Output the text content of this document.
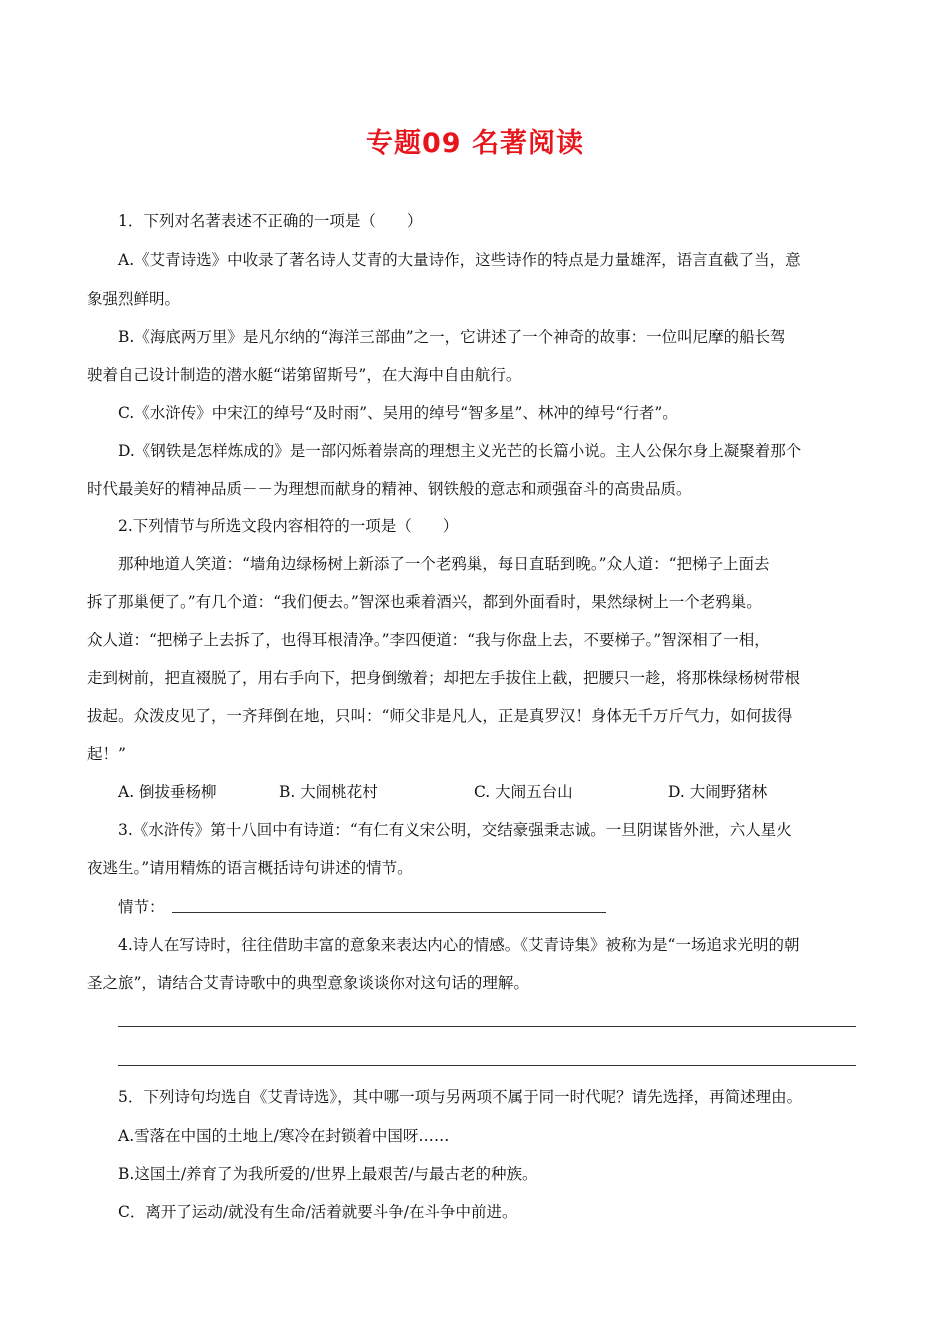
专题09 名著阅读
1．下列对名著表述不正确的一项是（　　）
A.《艾青诗选》中收录了著名诗人艾青的大量诗作，这些诗作的特点是力量雄浑，语言直截了当，意
象强烈鲜明。
B.《海底两万里》是凡尔纳的“海洋三部曲”之一，它讲述了一个神奇的故事：一位叫尼摩的船长驾
驶着自己设计制造的潜水艇“诺第留斯号”，在大海中自由航行。
C.《水浒传》中宋江的绰号“及时雨”、吴用的绰号“智多星”、林冲的绰号“行者”。
D.《钢铁是怎样炼成的》是一部闪烁着崇高的理想主义光芒的长篇小说。主人公保尔身上凝聚着那个
时代最美好的精神品质－－为理想而献身的精神、钢铁般的意志和顽强奋斗的高贵品质。
2.下列情节与所选文段内容相符的一项是（　　）
那种地道人笑道：“墙角边绿杨树上新添了一个老鸦巢，每日直聒到晚。”众人道：“把梯子上面去
拆了那巢便了。”有几个道：“我们便去。”智深也乘着酒兴，都到外面看时，果然绿树上一个老鸦巢。
众人道：“把梯子上去拆了，也得耳根清净。”李四便道：“我与你盘上去，不要梯子。”智深相了一相，
走到树前，把直裰脱了，用右手向下，把身倒缴着；却把左手拔住上截，把腰只一趁，将那株绿杨树带根
拔起。众泼皮见了，一齐拜倒在地，只叫：“师父非是凡人，正是真罗汉！身体无千万斤气力，如何拔得
起！”
A. 倒拔垂杨柳	B. 大闹桃花村	C. 大闹五台山	D. 大闹野猪林
3.《水浒传》第十八回中有诗道：“有仁有义宋公明，交结豪强秉志诚。一旦阴谋皆外泄，六人星火
夜逃生。”请用精炼的语言概括诗句讲述的情节。
情节：
4.诗人在写诗时，往往借助丰富的意象来表达内心的情感。《艾青诗集》被称为是“一场追求光明的朝
圣之旅”，请结合艾青诗歌中的典型意象谈谈你对这句话的理解。
5．下列诗句均选自《艾青诗选》，其中哪一项与另两项不属于同一时代呢？请先选择，再简述理由。
A.雪落在中国的土地上/寒冷在封锁着中国呀……
B.这国土/养育了为我所爱的/世界上最艰苦/与最古老的种族。
C．离开了运动/就没有生命/活着就要斗争/在斗争中前进。
